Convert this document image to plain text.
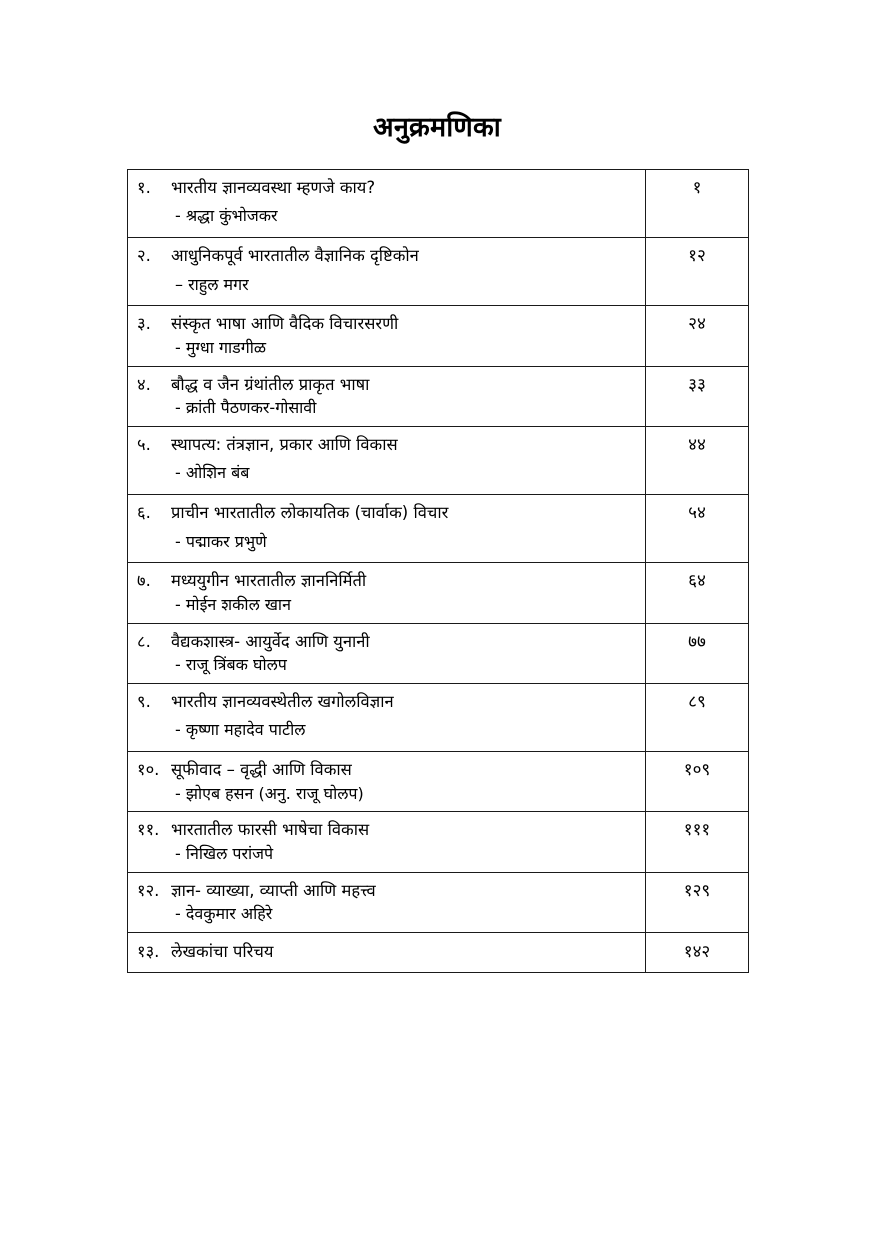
अनुक्रमणिका
१. भारतीय ज्ञानव्यवस्था म्हणजे काय?
- श्रद्धा कुंभोजकर	१

२. आधुनिकपूर्व भारतातील वैज्ञानिक दृष्टिकोन
– राहुल मगर	१२

३. संस्कृत भाषा आणि वैदिक विचारसरणी
- मुग्धा गाडगीळ	२४

४. बौद्ध व जैन ग्रंथांतील प्राकृत भाषा
- क्रांती पैठणकर-गोसावी	३३

५. स्थापत्य: तंत्रज्ञान, प्रकार आणि विकास
- ओशिन बंब	४४

६. प्राचीन भारतातील लोकायतिक (चार्वाक) विचार
- पद्माकर प्रभुणे	५४

७. मध्ययुगीन भारतातील ज्ञाननिर्मिती
- मोईन शकील खान	६४

८. वैद्यकशास्त्र- आयुर्वेद आणि युनानी
- राजू त्रिंबक घोलप	७७

९. भारतीय ज्ञानव्यवस्थेतील खगोलविज्ञान
- कृष्णा महादेव पाटील	८९

१०. सूफीवाद – वृद्धी आणि विकास
- झोएब हसन (अनु. राजू घोलप)	१०९

११. भारतातील फारसी भाषेचा विकास
- निखिल परांजपे	१११

१२. ज्ञान- व्याख्या, व्याप्ती आणि महत्त्व
- देवकुमार अहिरे	१२९

१३. लेखकांचा परिचय	१४२
